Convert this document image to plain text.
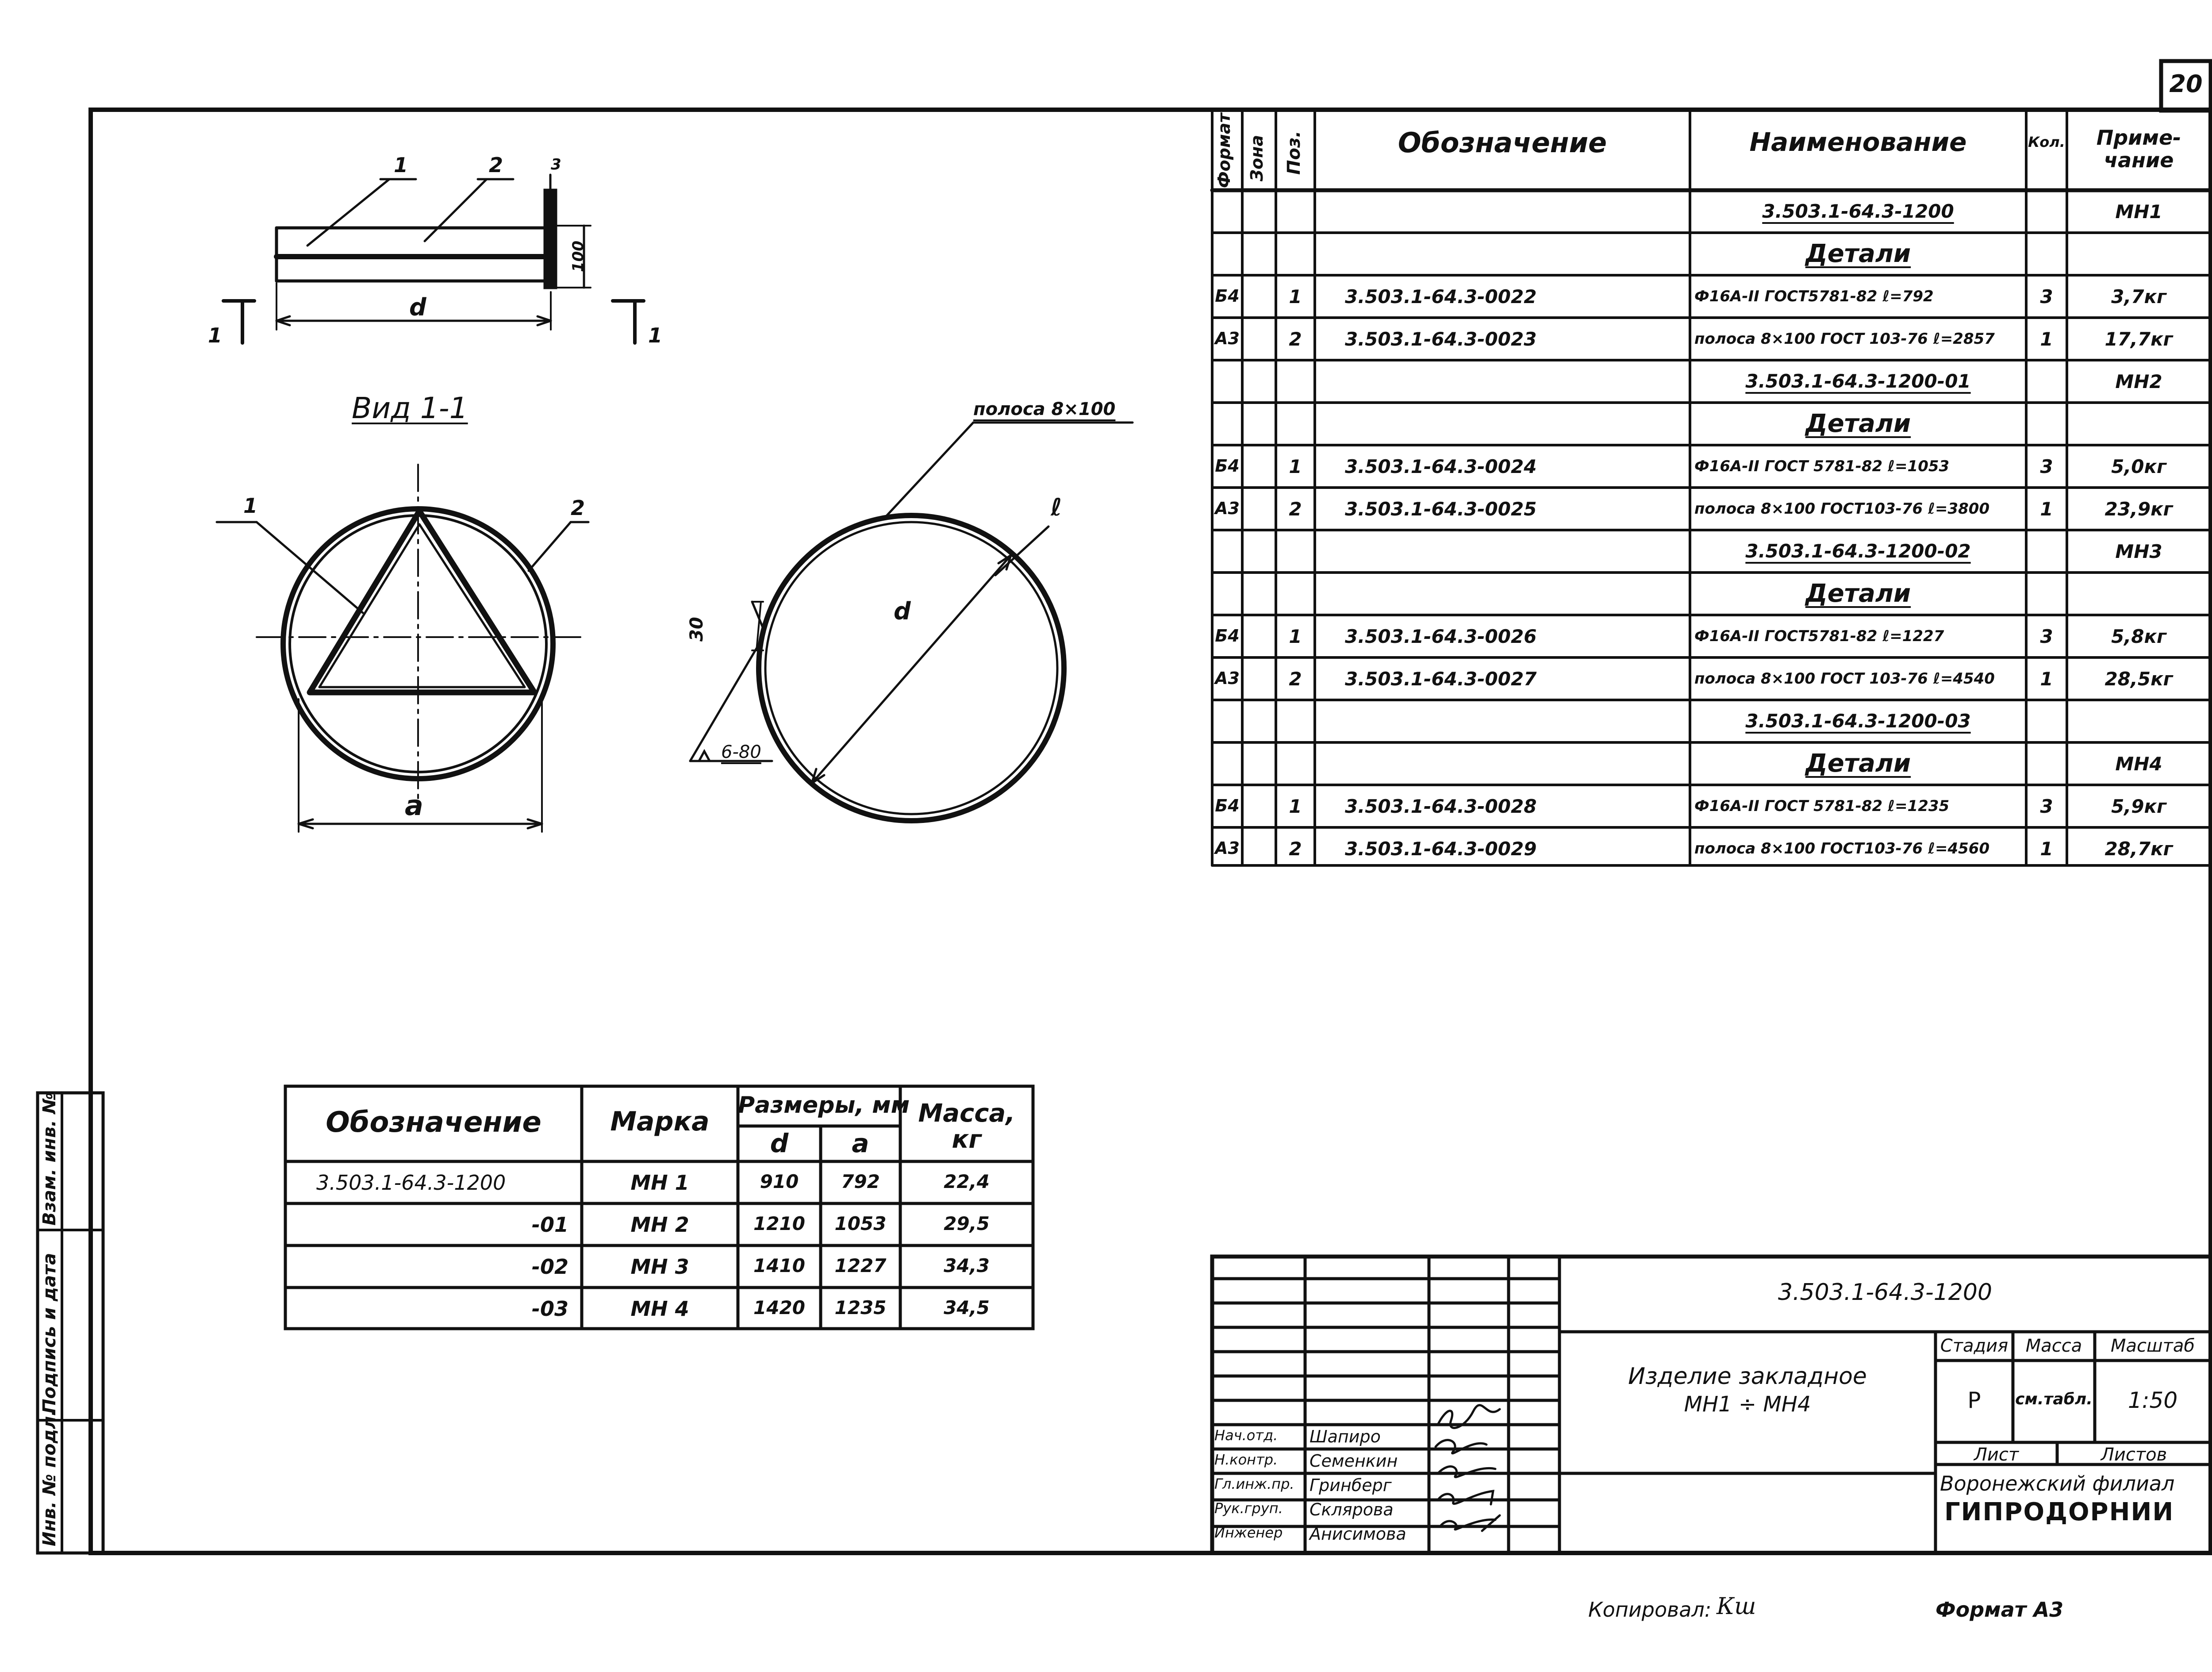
20
Формат Зона Поз.	Обозначение	Наименование	Кол.	Приме-
чание
3.503.1-64.3-1200	МН1
Детали
Б4	1	3.503.1-64.3-0022	Ф16А-II ГОСТ5781-82 ℓ=792	3	3,7кг
А3	2	3.503.1-64.3-0023	полоса 8×100 ГОСТ 103-76 ℓ=2857	1	17,7кг
3.503.1-64.3-1200-01	МН2
Детали
Б4	1	3.503.1-64.3-0024	Ф16А-II ГОСТ 5781-82 ℓ=1053	3	5,0кг
А3	2	3.503.1-64.3-0025	полоса 8×100 ГОСТ103-76 ℓ=3800	1	23,9кг
3.503.1-64.3-1200-02	МН3
Детали
Б4	1	3.503.1-64.3-0026	Ф16А-II ГОСТ5781-82 ℓ=1227	3	5,8кг
А3	2	3.503.1-64.3-0027	полоса 8×100 ГОСТ 103-76 ℓ=4540	1	28,5кг
3.503.1-64.3-1200-03
Детали	МН4
Б4	1	3.503.1-64.3-0028	Ф16А-II ГОСТ 5781-82 ℓ=1235	3	5,9кг
А3	2	3.503.1-64.3-0029	полоса 8×100 ГОСТ103-76 ℓ=4560	1	28,7кг
1	2	3
100
d
1	1
Вид 1-1
1	2
a
полоса 8×100
ℓ
d
30
6-80
Обозначение	Марка
Размеры, мм
d	a
Масса,
кг
3.503.1-64.3-1200	МН 1	910	792	22,4
-01	МН 2	1210	1053	29,5
-02	МН 3	1410	1227	34,3
-03	МН 4	1420	1235	34,5
Инв. № подл.
Подпись и дата
Взам. инв. №
3.503.1-64.3-1200
Изделие закладное
МН1 ÷ МН4
Стадия Масса	Масштаб
Р	см.табл.	1:50
Лист	Листов
Воронежский филиал
ГИПРОДОРНИИ
Нач.отд. Шапиро
Н.контр. Семенкин
Гл.инж.пр. Гринберг
Рук.груп. Склярова
Инженер Анисимова
Копировал: Кш	Формат А3
